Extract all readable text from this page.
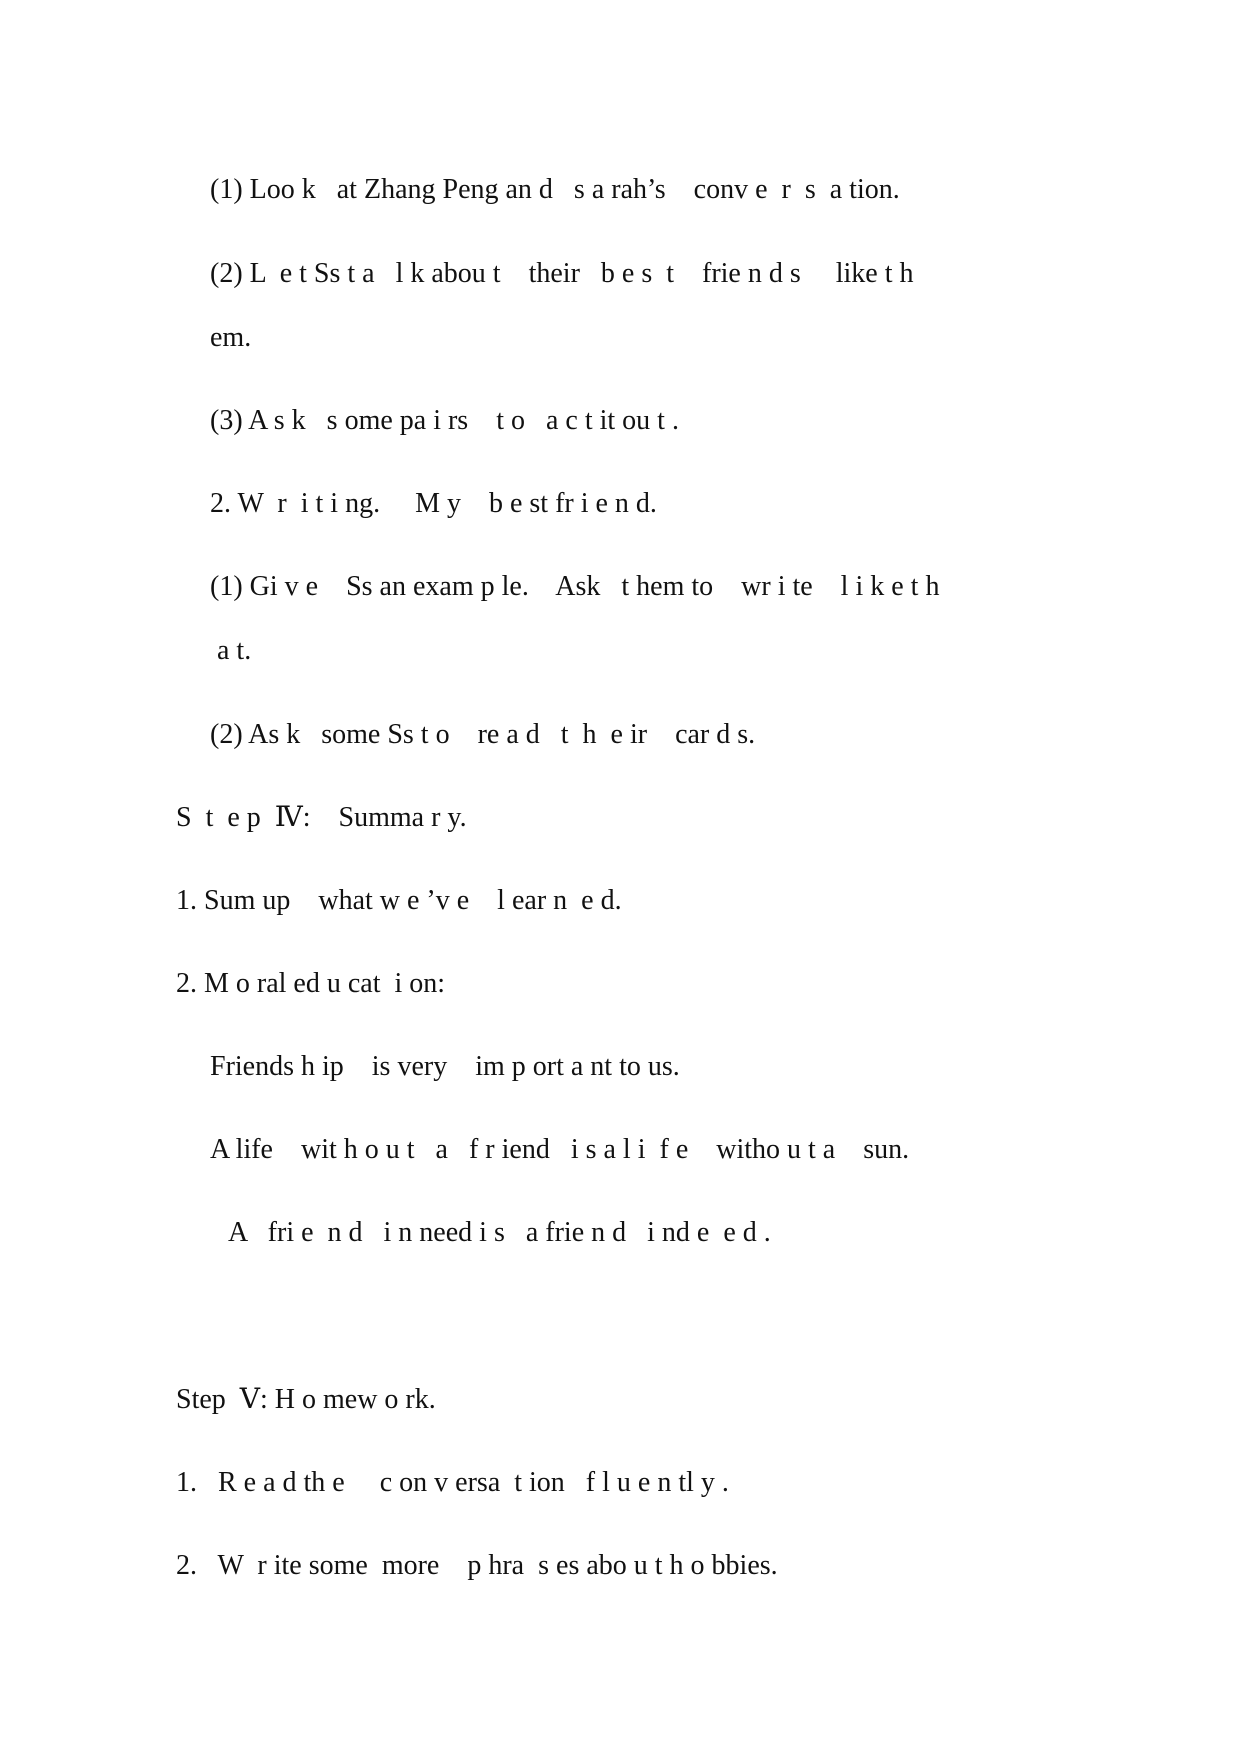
(1) Loo k   at Zhang Peng an d   s a rah’s    conv e  r  s  a tion.
(2) L  e t Ss t a   l k abou t    their   b e s  t    frie n d s     like t h
em.
(3) A s k   s ome pa i rs    t o   a c t it ou t .
2. W  r  i t i ng.     M y    b e st fr i e n d.
(1) Gi v e    Ss an exam p le.    Ask   t hem to    wr i te    l i k e t h
a t.
(2) As k   some Ss t o    re a d   t  h  e ir    car d s.
S  t  e p  Ⅳ:    Summa r y.
1. Sum up    what w e ’v e    l ear n  e d.
2. M o ral ed u cat  i on:
Friends h ip    is very    im p ort a nt to us.
A life    wit h o u t   a   f r iend   i s a l i  f e    witho u t a    sun.
A   fri e  n d   i n need i s   a frie n d   i nd e  e d .
Step  Ⅴ: H o mew o rk.
1.   R e a d th e     c on v ersa  t ion   f l u e n tl y .
2.   W  r ite some  more    p hra  s es abo u t h o bbies.
